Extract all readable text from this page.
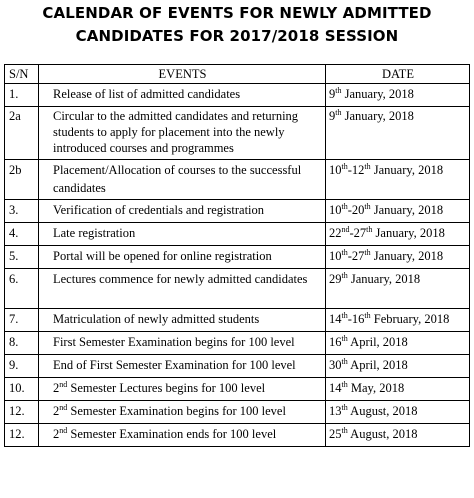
CALENDAR OF EVENTS FOR NEWLY ADMITTED
CANDIDATES FOR 2017/2018 SESSION
S/N	EVENTS	DATE
1.	Release of list of admitted candidates	9th January, 2018
2a	Circular to the admitted candidates and returning students to apply for placement into the newly introduced courses and programmes	9th January, 2018
2b	Placement/Allocation of courses to the successful candidates	10th-12th January, 2018
3.	Verification of credentials and registration	10th-20th January, 2018
4.	Late registration	22nd-27th January, 2018
5.	Portal will be opened for online registration	10th-27th January, 2018
6.	Lectures commence for newly admitted candidates	29th January, 2018
7.	Matriculation of newly admitted students	14th-16th February, 2018
8.	First Semester Examination begins for 100 level	16th April, 2018
9.	End of First Semester Examination for 100 level	30th April, 2018
10.	2nd Semester Lectures begins for 100 level	14th May, 2018
12.	2nd Semester Examination begins for 100 level	13th August, 2018
12.	2nd Semester Examination ends for 100 level	25th August, 2018
